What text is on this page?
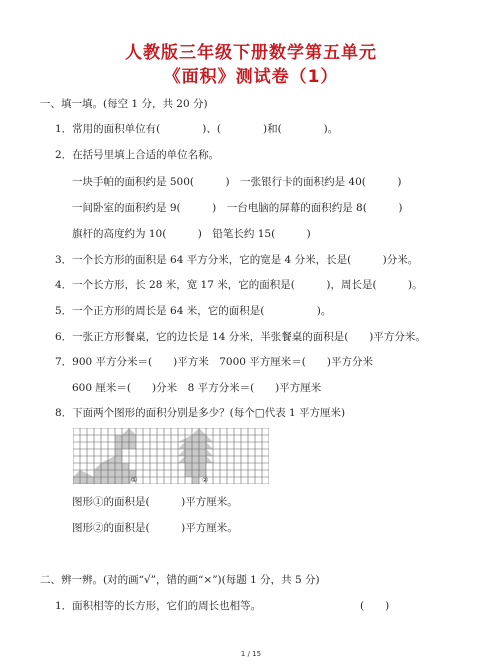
人教版三年级下册数学第五单元
《面积》测试卷（1）
一、填一填。(每空 1 分，共 20 分)
1．常用的面积单位有(　　　　)、(　　　　)和(　　　　)。
2．在括号里填上合适的单位名称。
一块手帕的面积约是 500(　　　)　一张银行卡的面积约是 40(　　　)
一间卧室的面积约是 9(　　　)　一台电脑的屏幕的面积约是 8(　　　)
旗杆的高度约为 10(　　　)　铅笔长约 15(　　　)
3．一个长方形的面积是 64 平方分米，它的宽是 4 分米，长是(　　　)分米。
4．一个长方形，长 28 米，宽 17 米，它的面积是(　　　)，周长是(　　　)。
5．一个正方形的周长是 64 米，它的面积是(　　　　　)。
6．一张正方形餐桌，它的边长是 14 分米，半张餐桌的面积是(　　)平方分米。
7．900 平方分米＝(　　)平方米　7000 平方厘米＝(　　)平方分米
600 厘米＝(　　)分米　8 平方分米＝(　　)平方厘米
8．下面两个图形的面积分别是多少？(每个□代表 1 平方厘米)
①	②
图形①的面积是(　　　)平方厘米。
图形②的面积是(　　　)平方厘米。
二、辨一辨。(对的画“√”，错的画“×”)(每题 1 分，共 5 分)
1．面积相等的长方形，它们的周长也相等。	(　　)
1 / 15
